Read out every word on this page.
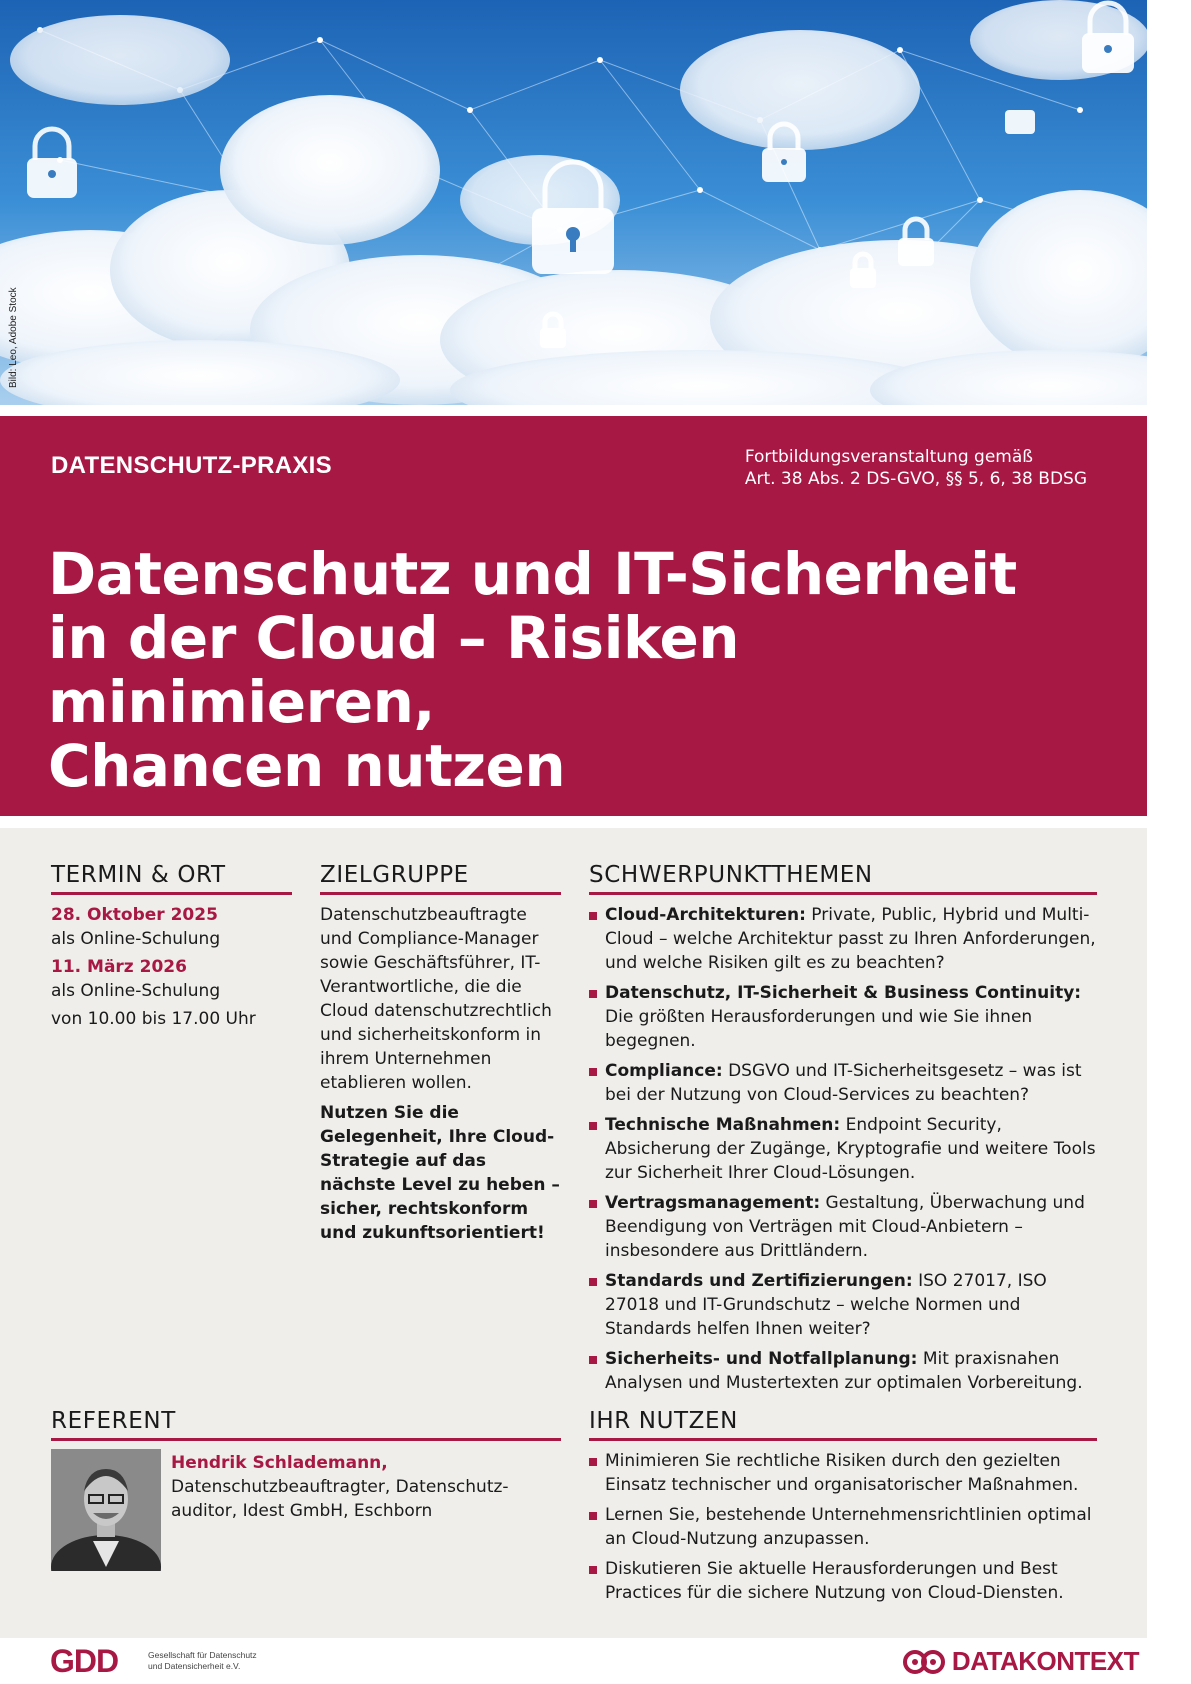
Bild: Leo, Adobe Stock
DATENSCHUTZ-PRAXIS	Fortbildungsveranstaltung gemäß
Art. 38 Abs. 2 DS-GVO, §§ 5, 6, 38 BDSG
Datenschutz und IT-Sicherheit
in der Cloud – Risiken minimieren,
Chancen nutzen
TERMIN & ORT
28. Oktober 2025
als Online-Schulung
11. März 2026
als Online-Schulung
von 10.00 bis 17.00 Uhr
ZIELGRUPPE
Datenschutzbeauftragte und Compliance-Manager sowie Geschäftsführer, IT-Verantwortliche, die die Cloud datenschutzrechtlich und sicherheitskonform in ihrem Unternehmen etablieren wollen.
Nutzen Sie die Gelegenheit, Ihre Cloud-Strategie auf das nächste Level zu heben – sicher, rechtskonform und zukunftsorientiert!
SCHWERPUNKTTHEMEN
Cloud-Architekturen: Private, Public, Hybrid und Multi-Cloud – welche Architektur passt zu Ihren Anforderungen, und welche Risiken gilt es zu beachten?
Datenschutz, IT-Sicherheit & Business Continuity: Die größten Herausforderungen und wie Sie ihnen begegnen.
Compliance: DSGVO und IT-Sicherheitsgesetz – was ist bei der Nutzung von Cloud-Services zu beachten?
Technische Maßnahmen: Endpoint Security, Absicherung der Zugänge, Kryptografie und weitere Tools zur Sicherheit Ihrer Cloud-Lösungen.
Vertragsmanagement: Gestaltung, Überwachung und Beendigung von Verträgen mit Cloud-Anbietern – insbesondere aus Drittländern.
Standards und Zertifizierungen: ISO 27017, ISO 27018 und IT-Grundschutz – welche Normen und Standards helfen Ihnen weiter?
Sicherheits- und Notfallplanung: Mit praxisnahen Analysen und Mustertexten zur optimalen Vorbereitung.
REFERENT
Hendrik Schlademann,
Datenschutzbeauftragter, Datenschutz-
auditor, Idest GmbH, Eschborn
IHR NUTZEN
Minimieren Sie rechtliche Risiken durch den gezielten Einsatz technischer und organisatorischer Maßnahmen.
Lernen Sie, bestehende Unternehmensrichtlinien optimal an Cloud-Nutzung anzupassen.
Diskutieren Sie aktuelle Herausforderungen und Best Practices für die sichere Nutzung von Cloud-Diensten.
GDD	Gesellschaft für Datenschutz
und Datensicherheit e.V.	DATAKONTEXT
